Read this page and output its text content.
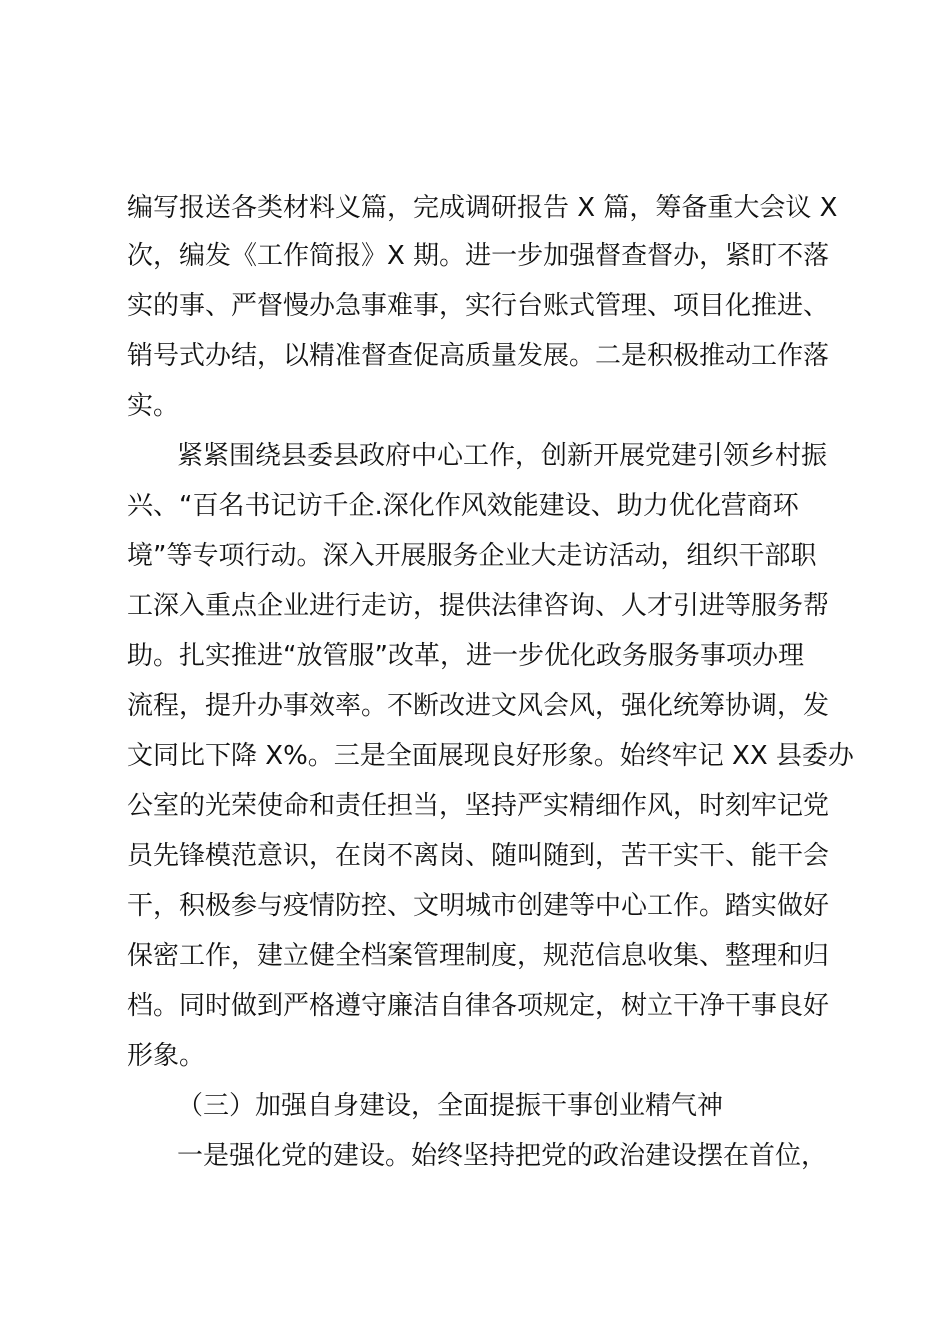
编写报送各类材料义篇，完成调研报告 X 篇，筹备重大会议 X
次，编发《工作简报》X 期。进一步加强督查督办，紧盯不落
实的事、严督慢办急事难事，实行台账式管理、项目化推进、
销号式办结，以精准督查促高质量发展。二是积极推动工作落
实。
紧紧围绕县委县政府中心工作，创新开展党建引领乡村振
兴、“百名书记访千企.深化作风效能建设、助力优化营商环
境”等专项行动。深入开展服务企业大走访活动，组织干部职
工深入重点企业进行走访，提供法律咨询、人才引进等服务帮
助。扎实推进“放管服”改革，进一步优化政务服务事项办理
流程，提升办事效率。不断改进文风会风，强化统筹协调，发
文同比下降 X%。三是全面展现良好形象。始终牢记 XX 县委办
公室的光荣使命和责任担当，坚持严实精细作风，时刻牢记党
员先锋模范意识，在岗不离岗、随叫随到，苦干实干、能干会
干，积极参与疫情防控、文明城市创建等中心工作。踏实做好
保密工作，建立健全档案管理制度，规范信息收集、整理和归
档。同时做到严格遵守廉洁自律各项规定，树立干净干事良好
形象。
（三）加强自身建设，全面提振干事创业精气神
一是强化党的建设。始终坚持把党的政治建设摆在首位，
